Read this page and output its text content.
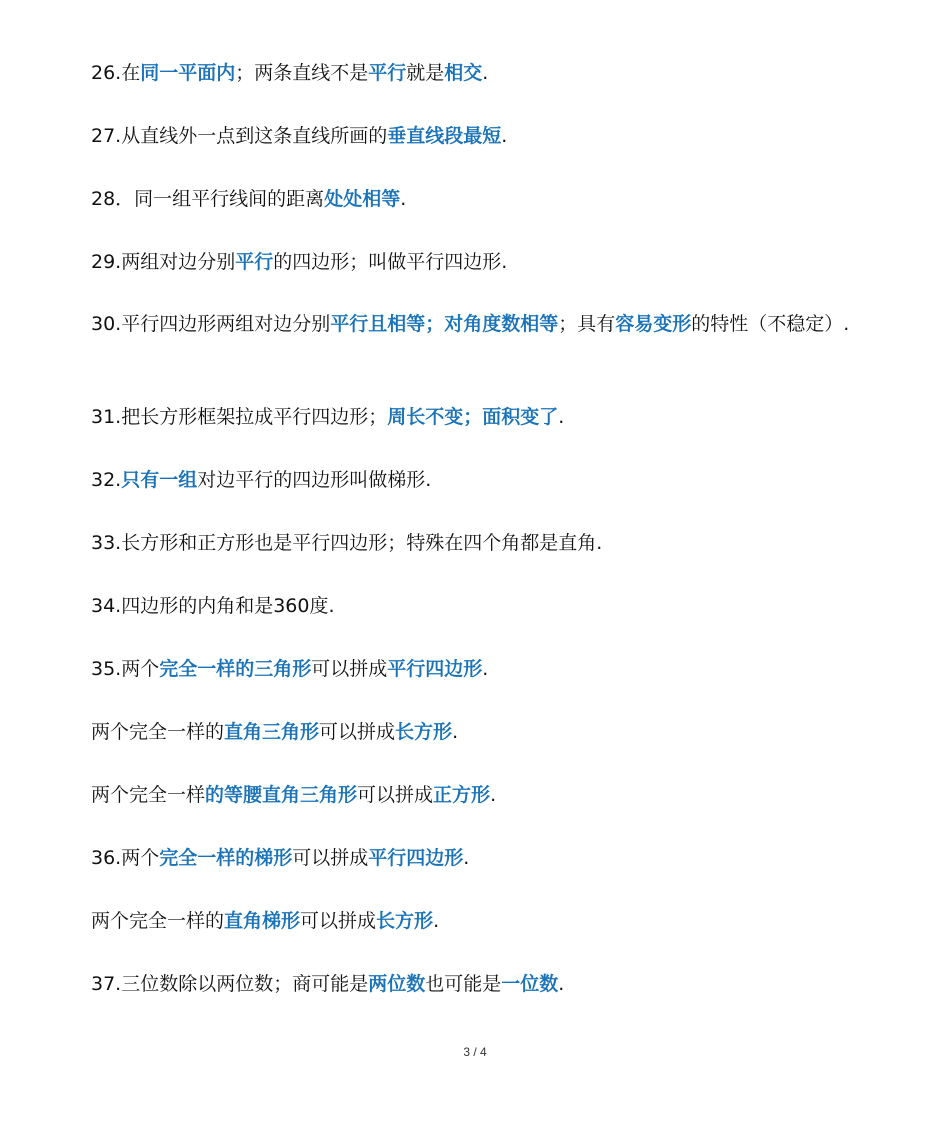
26.在同一平面内；两条直线不是平行就是相交.

27.从直线外一点到这条直线所画的垂直线段最短.

28．同一组平行线间的距离处处相等.

29.两组对边分别平行的四边形；叫做平行四边形.

30.平行四边形两组对边分别平行且相等；对角度数相等；具有容易变形的特性（不稳定）.

31.把长方形框架拉成平行四边形；周长不变；面积变了.

32.只有一组对边平行的四边形叫做梯形.

33.长方形和正方形也是平行四边形；特殊在四个角都是直角.

34.四边形的内角和是360度.

35.两个完全一样的三角形可以拼成平行四边形.

两个完全一样的直角三角形可以拼成长方形.

两个完全一样的等腰直角三角形可以拼成正方形.

36.两个完全一样的梯形可以拼成平行四边形.

两个完全一样的直角梯形可以拼成长方形.

37.三位数除以两位数；商可能是两位数也可能是一位数.

3 / 4
